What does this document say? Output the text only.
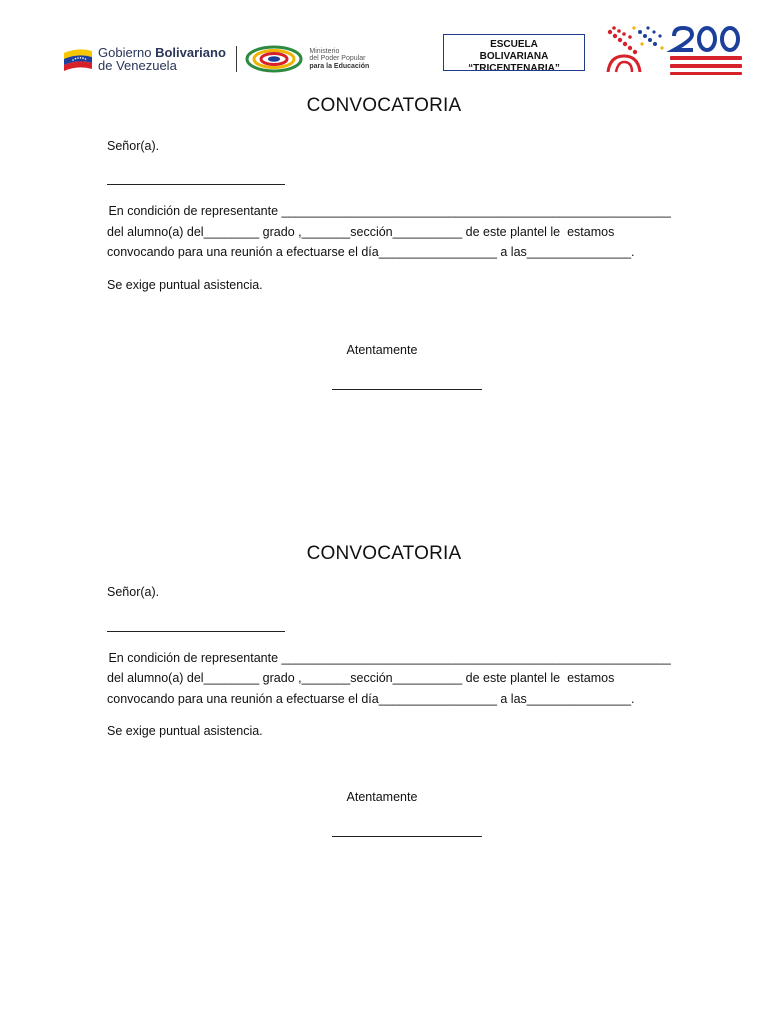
Gobierno Bolivariano
de Venezuela
Ministerio
del Poder Popular
para la Educación
ESCUELA
BOLIVARIANA
“TRICENTENARIA”
CONVOCATORIA
Señor(a).
En condición de representante ________________________________________________________
del alumno(a) del________ grado ,_______sección__________ de este plantel le  estamos
convocando para una reunión a efectuarse el día_________________ a las_______________.
Se exige puntual asistencia.
Atentamente
CONVOCATORIA
Señor(a).
En condición de representante ________________________________________________________
del alumno(a) del________ grado ,_______sección__________ de este plantel le  estamos
convocando para una reunión a efectuarse el día_________________ a las_______________.
Se exige puntual asistencia.
Atentamente
